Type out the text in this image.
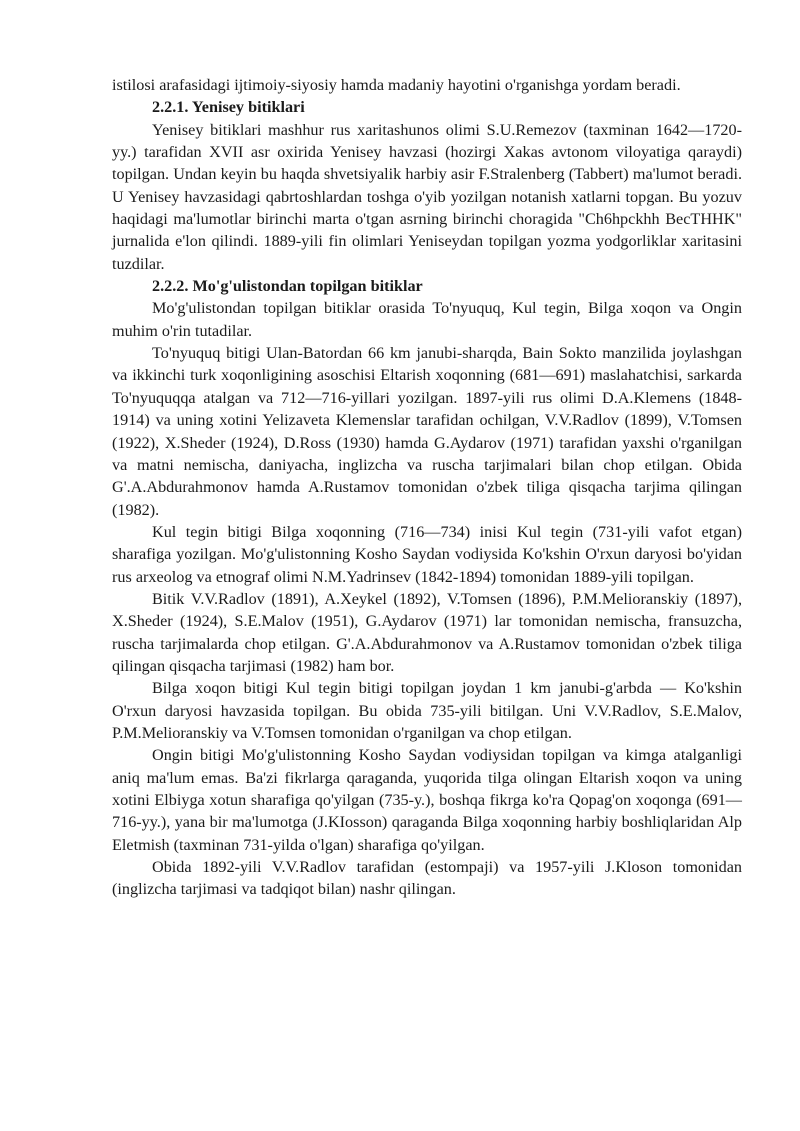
istilosi arafasidagi ijtimoiy-siyosiy hamda madaniy hayotini o'rganishga yordam beradi.

2.2.1. Yenisey bitiklari

Yenisey bitiklari mashhur rus xaritashunos olimi S.U.Remezov (taxminan 1642—1720-yy.) tarafidan XVII asr oxirida Yenisey havzasi (hozirgi Xakas avtonom viloyatiga qaraydi) topilgan. Undan keyin bu haqda shvetsiyalik harbiy asir F.Stralenberg (Tabbert) ma'lumot beradi. U Yenisey havzasidagi qabrtoshlardan toshga o'yib yozilgan notanish xatlarni topgan. Bu yozuv haqidagi ma'lumotlar birinchi marta o'tgan asrning birinchi choragida "Ch6hpckhh BecTHHK" jurnalida e'lon qilindi. 1889-yili fin olimlari Yeniseydan topilgan yozma yodgorliklar xaritasini tuzdilar.

2.2.2. Mo'g'ulistondan topilgan bitiklar

Mo'g'ulistondan topilgan bitiklar orasida To'nyuquq, Kul tegin, Bilga xoqon va Ongin muhim o'rin tutadilar.

To'nyuquq bitigi Ulan-Batordan 66 km janubi-sharqda, Bain Sokto manzilida joylashgan va ikkinchi turk xoqonligining asoschisi Eltarish xoqonning (681—691) maslahatchisi, sarkarda To'nyuquqqa atalgan va 712—716-yillari yozilgan. 1897-yili rus olimi D.A.Klemens (1848-1914) va uning xotini Yelizaveta Klemenslar tarafidan ochilgan, V.V.Radlov (1899), V.Tomsen (1922), X.Sheder (1924), D.Ross (1930) hamda G.Aydarov (1971) tarafidan yaxshi o'rganilgan va matni nemischa, daniyacha, inglizcha va ruscha tarjimalari bilan chop etilgan. Obida G'.A.Abdurahmonov hamda A.Rustamov tomonidan o'zbek tiliga qisqacha tarjima qilingan (1982).

Kul tegin bitigi Bilga xoqonning (716—734) inisi Kul tegin (731-yili vafot etgan) sharafiga yozilgan. Mo'g'ulistonning Kosho Saydan vodiysida Ko'kshin O'rxun daryosi bo'yidan rus arxeolog va etnograf olimi N.M.Yadrinsev (1842-1894) tomonidan 1889-yili topilgan.

Bitik V.V.Radlov (1891), A.Xeykel (1892), V.Tomsen (1896), P.M.Melioranskiy (1897), X.Sheder (1924), S.E.Malov (1951), G.Aydarov (1971) lar tomonidan nemischa, fransuzcha, ruscha tarjimalarda chop etilgan. G'.A.Abdurahmonov va A.Rustamov tomonidan o'zbek tiliga qilingan qisqacha tarjimasi (1982) ham bor.

Bilga xoqon bitigi Kul tegin bitigi topilgan joydan 1 km janubi-g'arbda — Ko'kshin O'rxun daryosi havzasida topilgan. Bu obida 735-yili bitilgan. Uni V.V.Radlov, S.E.Malov, P.M.Melioranskiy va V.Tomsen tomonidan o'rganilgan va chop etilgan.

Ongin bitigi Mo'g'ulistonning Kosho Saydan vodiysidan topilgan va kimga atalganligi aniq ma'lum emas. Ba'zi fikrlarga qaraganda, yuqorida tilga olingan Eltarish xoqon va uning xotini Elbiyga xotun sharafiga qo'yilgan (735-y.), boshqa fikrga ko'ra Qopag'on xoqonga (691—716-yy.), yana bir ma'lumotga (J.KIosson) qaraganda Bilga xoqonning harbiy boshliqlaridan Alp Eletmish (taxminan 731-yilda o'lgan) sharafiga qo'yilgan.

Obida 1892-yili V.V.Radlov tarafidan (estompaji) va 1957-yili J.Kloson tomonidan (inglizcha tarjimasi va tadqiqot bilan) nashr qilingan.
